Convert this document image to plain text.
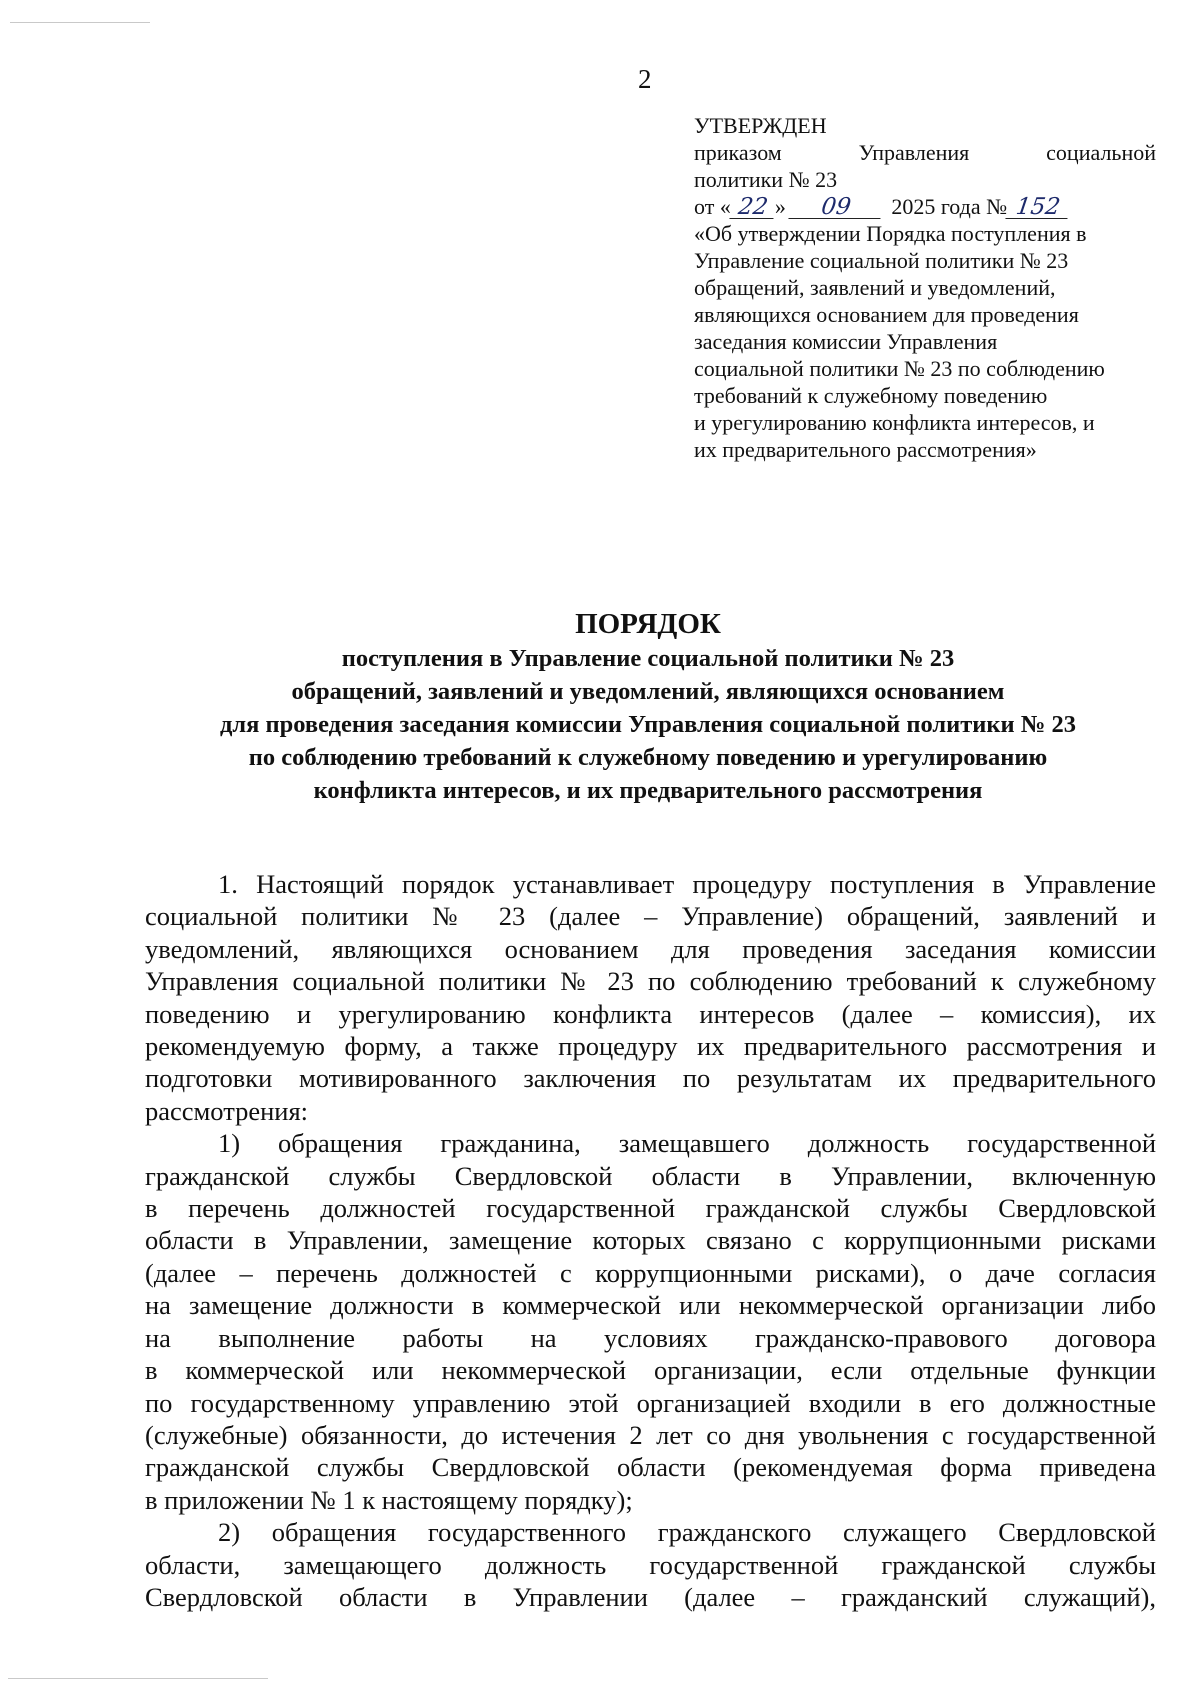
2
УТВЕРЖДЕН
приказом	Управления	социальной
политики № 23
от « 22 » 09 2025 года № 152
«Об утверждении Порядка поступления в
Управление социальной политики № 23
обращений, заявлений и уведомлений,
являющихся основанием для проведения
заседания комиссии Управления
социальной политики № 23 по соблюдению
требований к служебному поведению
и урегулированию конфликта интересов, и
их предварительного рассмотрения»
ПОРЯДОК
поступления в Управление социальной политики № 23
обращений, заявлений и уведомлений, являющихся основанием
для проведения заседания комиссии Управления социальной политики № 23
по соблюдению требований к служебному поведению и урегулированию
конфликта интересов, и их предварительного рассмотрения
1. Настоящий порядок устанавливает процедуру поступления в Управление
социальной политики № 23 (далее – Управление) обращений, заявлений и
уведомлений, являющихся основанием для проведения заседания комиссии
Управления социальной политики № 23 по соблюдению требований к служебному
поведению и урегулированию конфликта интересов (далее – комиссия), их
рекомендуемую форму, а также процедуру их предварительного рассмотрения и
подготовки мотивированного заключения по результатам их предварительного
рассмотрения:
1) обращения гражданина, замещавшего должность государственной
гражданской службы Свердловской области в Управлении, включенную
в перечень должностей государственной гражданской службы Свердловской
области в Управлении, замещение которых связано с коррупционными рисками
(далее – перечень должностей с коррупционными рисками), о даче согласия
на замещение должности в коммерческой или некоммерческой организации либо
на выполнение работы на условиях гражданско-правового договора
в коммерческой или некоммерческой организации, если отдельные функции
по государственному управлению этой организацией входили в его должностные
(служебные) обязанности, до истечения 2 лет со дня увольнения с государственной
гражданской службы Свердловской области (рекомендуемая форма приведена
в приложении № 1 к настоящему порядку);
2) обращения государственного гражданского служащего Свердловской
области, замещающего должность государственной гражданской службы
Свердловской области в Управлении (далее – гражданский служащий),
